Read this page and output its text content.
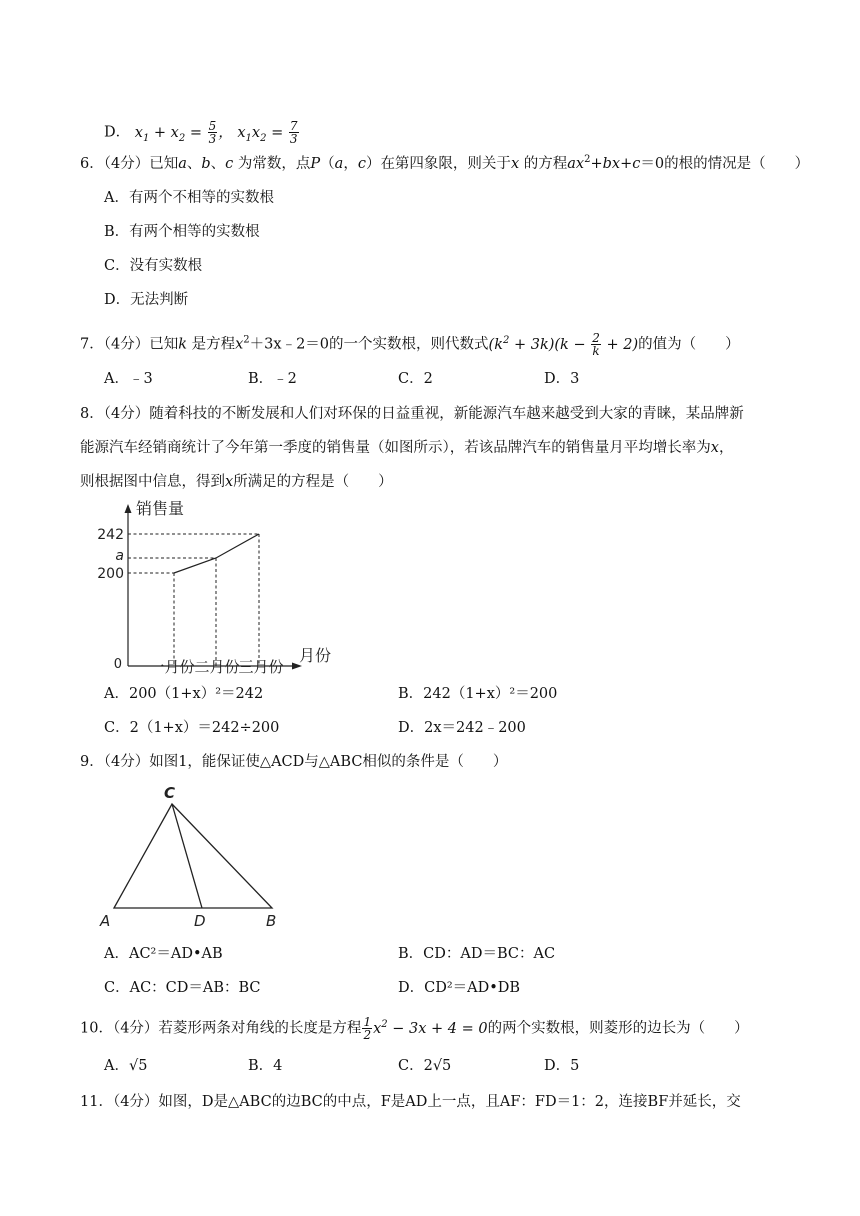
D． $x_1 + x_2 = \frac{5}{3}$ ， $x_1x_2 = \frac{7}{3}$
6．（4分）已知a、b、c 为常数，点P（a，c）在第四象限，则关于x 的方程$ax^2+bx+c=0$的根的情况是（　　）
A．有两个不相等的实数根
B．有两个相等的实数根
C．没有实数根
D．无法判断
7．（4分）已知k 是方程$x^2+3x﹣2=0$的一个实数根，则代数式$(k^2 + 3k)(k - \frac{2}{k} + 2)$的值为（　　）
A．﹣3	B．﹣2	C．2	D．3
8．（4分）随着科技的不断发展和人们对环保的日益重视，新能源汽车越来越受到大家的青睐，某品牌新
能源汽车经销商统计了今年第一季度的销售量（如图所示），若该品牌汽车的销售量月平均增长率为x，
则根据图中信息，得到x所满足的方程是（　　）
销售量
月份
0
242
a
200
一月份 二月份
三月份
A．200（1+x）²＝242	B．242（1+x）²＝200
C．2（1+x）＝242÷200	D．2x＝242﹣200
9．（4分）如图1，能保证使△ACD与△ABC相似的条件是（　　）
C
A	D	B
A．AC²＝AD•AB	B．CD：AD＝BC：AC
C．AC：CD＝AB：BC	D．CD²＝AD•DB
10．（4分）若菱形两条对角线的长度是方程 $\frac{1}{2} x^2 - 3x + 4 = 0$的两个实数根，则菱形的边长为（　　）
A．√5	B．4	C．2√5	D．5
11．（4分）如图，D是△ABC的边BC的中点，F是AD上一点，且AF：FD＝1：2，连接BF并延长，交
